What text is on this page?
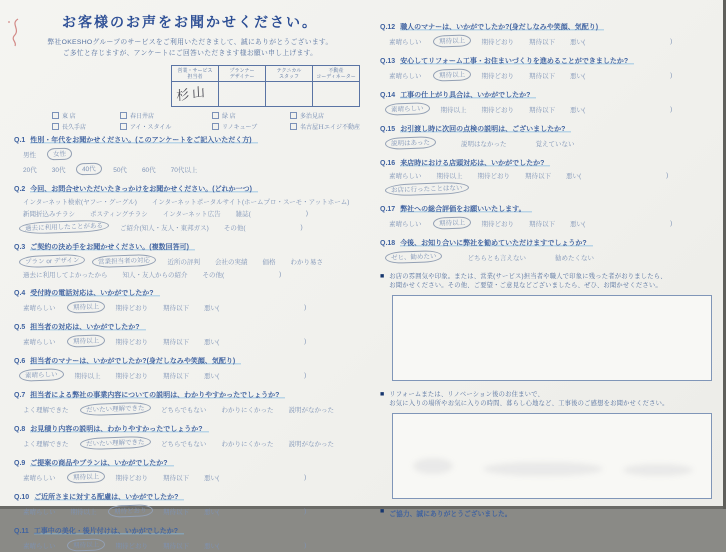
お客様のお声をお聞かせください。

弊社OKESHOグループのサービスをご利用いただきまして、誠にありがとうございます。

ご多忙と存じますが、アンケートにご回答いただきます様お願い申し上げます。

営業・サービス
担当者	プランナー
デザイナー	テクニカル
スタッフ	不動産
コーディネーター

杉山			

東 店	春日井店	緑 店	多治見店
長久手店	アイ・スタイル	リノキューブ	名古屋Ｈエイジ不動産
Q.1 性別・年代をお聞かせください。(このアンケートをご記入いただく方)
男性	女性
20代 30代	40代	50代 60代 70代以上
Q.2 今回、お問合せいただいたきっかけをお聞かせください。(どれか一つ)
インターネット検索(ヤフー・グーグル) インターネットポータルサイト(ホームプロ・スーモ・アットホーム)
新聞折込みチラシ ポスティングチラシ インターネット広告 雑誌(	)
過去に利用したことがある	ご紹介(知人・友人・東邦ガス) その他(	)
Q.3 ご契約の決め手をお聞かせください。(複数回答可)
プラン or デザイン	営業担当者の対応	近所の評判 会社の実績 価格 わかり易さ
過去に利用してよかったから 知人・友人からの紹介 その他(	)
Q.4 受付時の電話対応は、いかがでしたか?
素晴らしい	期待以上	期待どおり 期待以下 悪い(	)
Q.5 担当者の対応は、いかがでしたか?
素晴らしい	期待以上	期待どおり 期待以下 悪い(	)
Q.6 担当者のマナーは、いかがでしたか?(身だしなみや笑顔、気配り)
素晴らしい	期待以上 期待どおり 期待以下 悪い(	)
Q.7 担当者による弊社の事業内容についての説明は、わかりやすかったでしょうか?
よく理解できた	だいたい理解できた	どちらでもない わかりにくかった 説明がなかった
Q.8 お見積り内容の説明は、わかりやすかったでしょうか?
よく理解できた	だいたい理解できた	どちらでもない わかりにくかった 説明がなかった
Q.9 ご提案の商品やプランは、いかがでしたか?
素晴らしい	期待以上	期待どおり 期待以下 悪い(	)
Q.10 ご近所さまに対する配慮は、いかがでしたか?
素晴らしい 期待以上	期待どおり	期待以下 悪い(	)
Q.11 工事中の美化・後片付けは、いかがでしたか?
素晴らしい	期待以上	期待どおり 期待以下 悪い(	)
Q.12 職人のマナーは、いかがでしたか?(身だしなみや笑顔、気配り)
素晴らしい	期待以上	期待どおり 期待以下 悪い(	)
Q.13 安心してリフォーム工事・お住まいづくりを進めることができましたか?
素晴らしい	期待以上	期待どおり 期待以下 悪い(	)
Q.14 工事の仕上がり具合は、いかがでしたか?
素晴らしい	期待以上 期待どおり 期待以下 悪い(	)
Q.15 お引渡し時に次回の点検の説明は、ございましたか?
説明はあった	説明はなかった	覚えていない
Q.16 来店時における店頭対応は、いかがでしたか?
素晴らしい 期待以上 期待どおり 期待以下 悪い(	)
お店に行ったことはない
Q.17 弊社への総合評価をお願いいたします。
素晴らしい	期待以上	期待どおり 期待以下 悪い(	)
Q.18 今後、お知り合いに弊社を勧めていただけますでしょうか?
ゼヒ、勧めたい	どちらとも言えない	勧めたくない
■ お店の雰囲気や印象。または、営業(サービス)担当者や職人で印象に残った者がおりましたら、
お聞かせください。その他、ご要望・ご意見などございましたら、ぜひ、お聞かせください。
■ リフォームまたは、リノベーション後のお住まいで、
お気に入りの場所やお気に入りの時間、暮らし心地など、工事後のご感想をお聞かせください。
■ ご協力、誠にありがとうございました。
